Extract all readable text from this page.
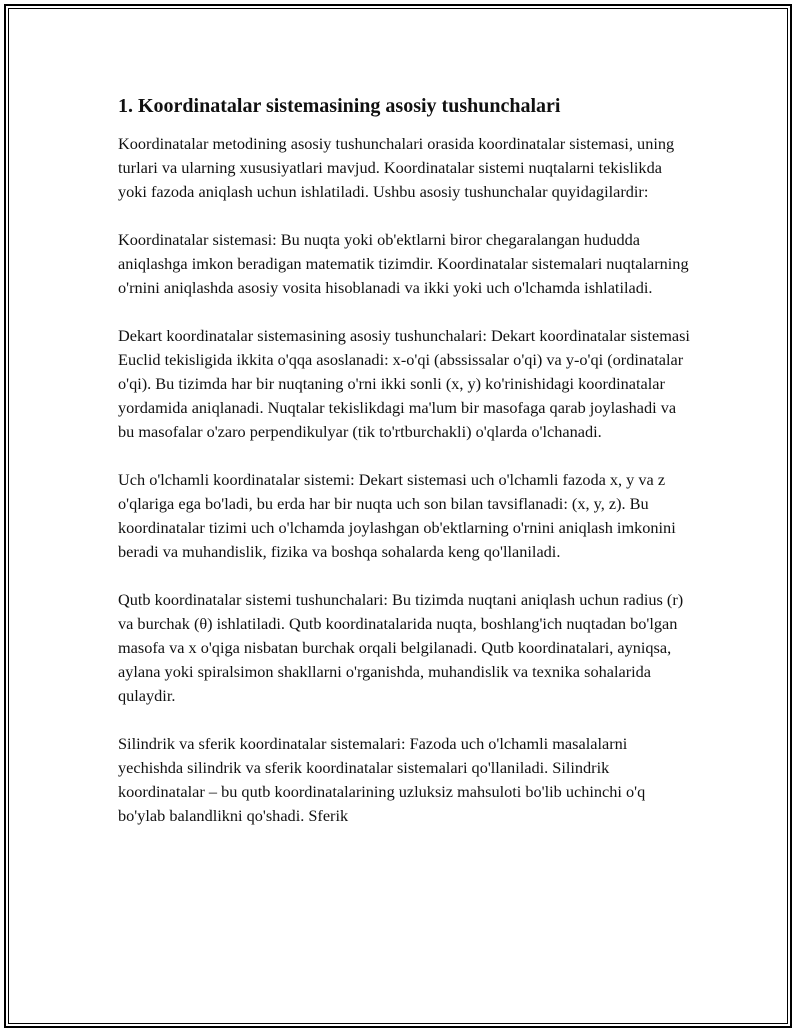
1. Koordinatalar sistemasining asosiy tushunchalari

Koordinatalar metodining asosiy tushunchalari orasida koordinatalar sistemasi, uning turlari va ularning xususiyatlari mavjud. Koordinatalar sistemi nuqtalarni tekislikda yoki fazoda aniqlash uchun ishlatiladi. Ushbu asosiy tushunchalar quyidagilardir:

Koordinatalar sistemasi: Bu nuqta yoki ob'ektlarni biror chegaralangan hududda aniqlashga imkon beradigan matematik tizimdir. Koordinatalar sistemalari nuqtalarning o'rnini aniqlashda asosiy vosita hisoblanadi va ikki yoki uch o'lchamda ishlatiladi.

Dekart koordinatalar sistemasining asosiy tushunchalari: Dekart koordinatalar sistemasi Euclid tekisligida ikkita o'qqa asoslanadi: x-o'qi (abssissalar o'qi) va y-o'qi (ordinatalar o'qi). Bu tizimda har bir nuqtaning o'rni ikki sonli (x, y) ko'rinishidagi koordinatalar yordamida aniqlanadi. Nuqtalar tekislikdagi ma'lum bir masofaga qarab joylashadi va bu masofalar o'zaro perpendikulyar (tik to'rtburchakli) o'qlarda o'lchanadi.

Uch o'lchamli koordinatalar sistemi: Dekart sistemasi uch o'lchamli fazoda x, y va z o'qlariga ega bo'ladi, bu erda har bir nuqta uch son bilan tavsiflanadi: (x, y, z). Bu koordinatalar tizimi uch o'lchamda joylashgan ob'ektlarning o'rnini aniqlash imkonini beradi va muhandislik, fizika va boshqa sohalarda keng qo'llaniladi.

Qutb koordinatalar sistemi tushunchalari: Bu tizimda nuqtani aniqlash uchun radius (r) va burchak (θ) ishlatiladi. Qutb koordinatalarida nuqta, boshlang'ich nuqtadan bo'lgan masofa va x o'qiga nisbatan burchak orqali belgilanadi. Qutb koordinatalari, ayniqsa, aylana yoki spiralsimon shakllarni o'rganishda, muhandislik va texnika sohalarida qulaydir.

Silindrik va sferik koordinatalar sistemalari: Fazoda uch o'lchamli masalalarni yechishda silindrik va sferik koordinatalar sistemalari qo'llaniladi. Silindrik koordinatalar – bu qutb koordinatalarining uzluksiz mahsuloti bo'lib uchinchi o'q bo'ylab balandlikni qo'shadi. Sferik
